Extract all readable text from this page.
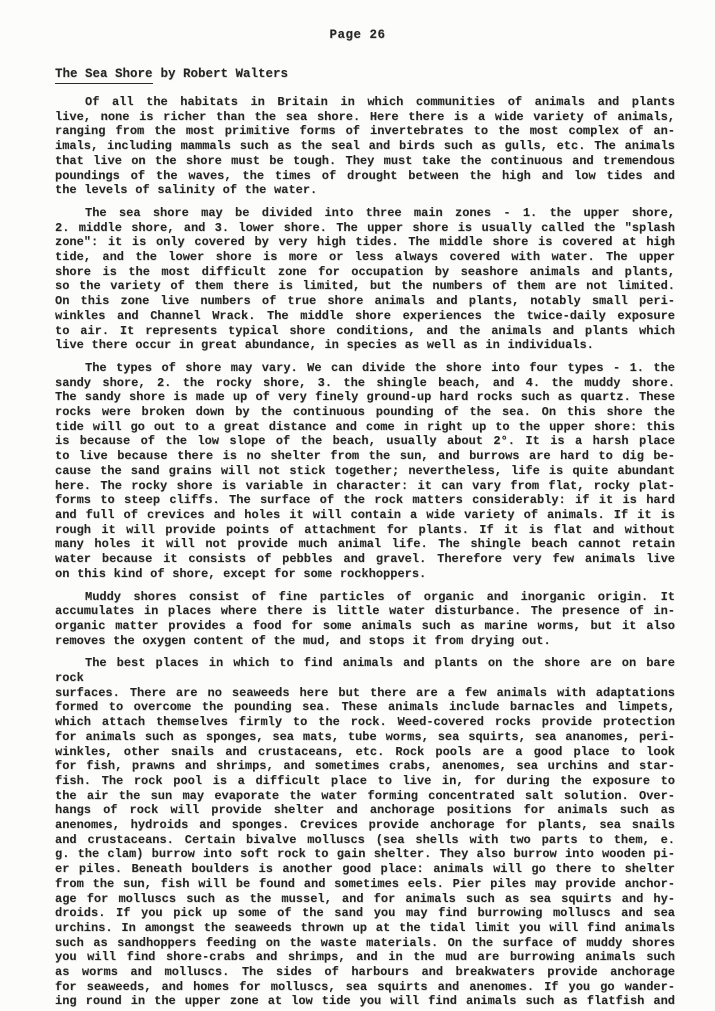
Page 26
The Sea Shore by Robert Walters
Of all the habitats in Britain in which communities of animals and plants
live, none is richer than the sea shore. Here there is a wide variety of animals,
ranging from the most primitive forms of invertebrates to the most complex of an-
imals, including mammals such as the seal and birds such as gulls, etc. The animals
that live on the shore must be tough. They must take the continuous and tremendous
poundings of the waves, the times of drought between the high and low tides and
the levels of salinity of the water.
The sea shore may be divided into three main zones - 1. the upper shore,
2. middle shore, and 3. lower shore. The upper shore is usually called the "splash
zone": it is only covered by very high tides. The middle shore is covered at high
tide, and the lower shore is more or less always covered with water. The upper
shore is the most difficult zone for occupation by seashore animals and plants,
so the variety of them there is limited, but the numbers of them are not limited.
On this zone live numbers of true shore animals and plants, notably small peri-
winkles and Channel Wrack. The middle shore experiences the twice-daily exposure
to air. It represents typical shore conditions, and the animals and plants which
live there occur in great abundance, in species as well as in individuals.
The types of shore may vary. We can divide the shore into four types - 1. the
sandy shore, 2. the rocky shore, 3. the shingle beach, and 4. the muddy shore.
The sandy shore is made up of very finely ground-up hard rocks such as quartz. These
rocks were broken down by the continuous pounding of the sea. On this shore the
tide will go out to a great distance and come in right up to the upper shore: this
is because of the low slope of the beach, usually about 2°. It is a harsh place
to live because there is no shelter from the sun, and burrows are hard to dig be-
cause the sand grains will not stick together; nevertheless, life is quite abundant
here. The rocky shore is variable in character: it can vary from flat, rocky plat-
forms to steep cliffs. The surface of the rock matters considerably: if it is hard
and full of crevices and holes it will contain a wide variety of animals. If it is
rough it will provide points of attachment for plants. If it is flat and without
many holes it will not provide much animal life. The shingle beach cannot retain
water because it consists of pebbles and gravel. Therefore very few animals live
on this kind of shore, except for some rockhoppers.
Muddy shores consist of fine particles of organic and inorganic origin. It
accumulates in places where there is little water disturbance. The presence of in-
organic matter provides a food for some animals such as marine worms, but it also
removes the oxygen content of the mud, and stops it from drying out.
The best places in which to find animals and plants on the shore are on bare rock
surfaces. There are no seaweeds here but there are a few animals with adaptations
formed to overcome the pounding sea. These animals include barnacles and limpets,
which attach themselves firmly to the rock. Weed-covered rocks provide protection
for animals such as sponges, sea mats, tube worms, sea squirts, sea ananomes, peri-
winkles, other snails and crustaceans, etc. Rock pools are a good place to look
for fish, prawns and shrimps, and sometimes crabs, anenomes, sea urchins and star-
fish. The rock pool is a difficult place to live in, for during the exposure to
the air the sun may evaporate the water forming concentrated salt solution. Over-
hangs of rock will provide shelter and anchorage positions for animals such as
anenomes, hydroids and sponges. Crevices provide anchorage for plants, sea snails
and crustaceans. Certain bivalve molluscs (sea shells with two parts to them, e.
g. the clam) burrow into soft rock to gain shelter. They also burrow into wooden pi-
er piles. Beneath boulders is another good place: animals will go there to shelter
from the sun, fish will be found and sometimes eels. Pier piles may provide anchor-
age for molluscs such as the mussel, and for animals such as sea squirts and hy-
droids. If you pick up some of the sand you may find burrowing molluscs and sea
urchins. In amongst the seaweeds thrown up at the tidal limit you will find animals
such as sandhoppers feeding on the waste materials. On the surface of muddy shores
you will find shore-crabs and shrimps, and in the mud are burrowing animals such
as worms and molluscs. The sides of harbours and breakwaters provide anchorage
for seaweeds, and homes for molluscs, sea squirts and anenomes. If you go wander-
ing round in the upper zone at low tide you will find animals such as flatfish and
